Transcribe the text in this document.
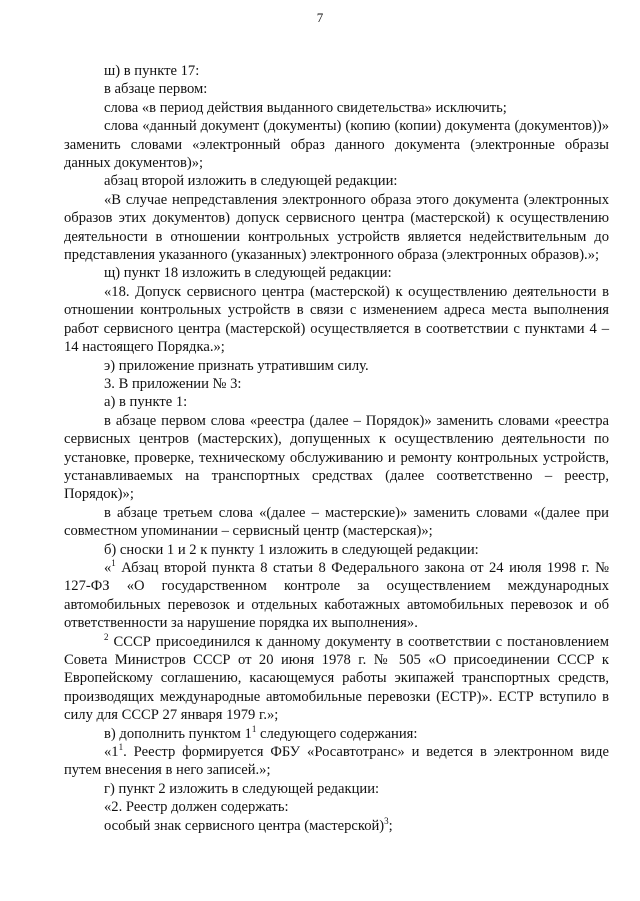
7

ш) в пункте 17:

в абзаце первом:

слова «в период действия выданного свидетельства» исключить;

слова «данный документ (документы) (копию (копии) документа (документов))» заменить словами «электронный образ данного документа (электронные образы данных документов)»;

абзац второй изложить в следующей редакции:

«В случае непредставления электронного образа этого документа (электронных образов этих документов) допуск сервисного центра (мастерской) к осуществлению деятельности в отношении контрольных устройств является недействительным до представления указанного (указанных) электронного образа (электронных образов).»;

щ) пункт 18 изложить в следующей редакции:

«18. Допуск сервисного центра (мастерской) к осуществлению деятельности в отношении контрольных устройств в связи с изменением адреса места выполнения работ сервисного центра (мастерской) осуществляется в соответствии с пунктами 4 – 14 настоящего Порядка.»;

э) приложение признать утратившим силу.

3. В приложении № 3:

а) в пункте 1:

в абзаце первом слова «реестра (далее – Порядок)» заменить словами «реестра сервисных центров (мастерских), допущенных к осуществлению деятельности по установке, проверке, техническому обслуживанию и ремонту контрольных устройств, устанавливаемых на транспортных средствах (далее соответственно – реестр, Порядок)»;

в абзаце третьем слова «(далее – мастерские)» заменить словами «(далее при совместном упоминании – сервисный центр (мастерская)»;

б) сноски 1 и 2 к пункту 1 изложить в следующей редакции:

«$^1$ Абзац второй пункта 8 статьи 8 Федерального закона от 24 июля 1998 г. № 127-ФЗ «О государственном контроле за осуществлением международных автомобильных перевозок и отдельных каботажных автомобильных перевозок и об ответственности за нарушение порядка их выполнения».

$^2$ СССР присоединился к данному документу в соответствии с постановлением Совета Министров СССР от 20 июня 1978 г. № 505 «О присоединении СССР к Европейскому соглашению, касающемуся работы экипажей транспортных средств, производящих международные автомобильные перевозки (ЕСТР)». ЕСТР вступило в силу для СССР 27 января 1979 г.»;

в) дополнить пунктом $1^1$ следующего содержания:

«$1^1$. Реестр формируется ФБУ «Росавтотранс» и ведется в электронном виде путем внесения в него записей.»;

г) пункт 2 изложить в следующей редакции:

«2. Реестр должен содержать:

особый знак сервисного центра (мастерской)$^3$;
